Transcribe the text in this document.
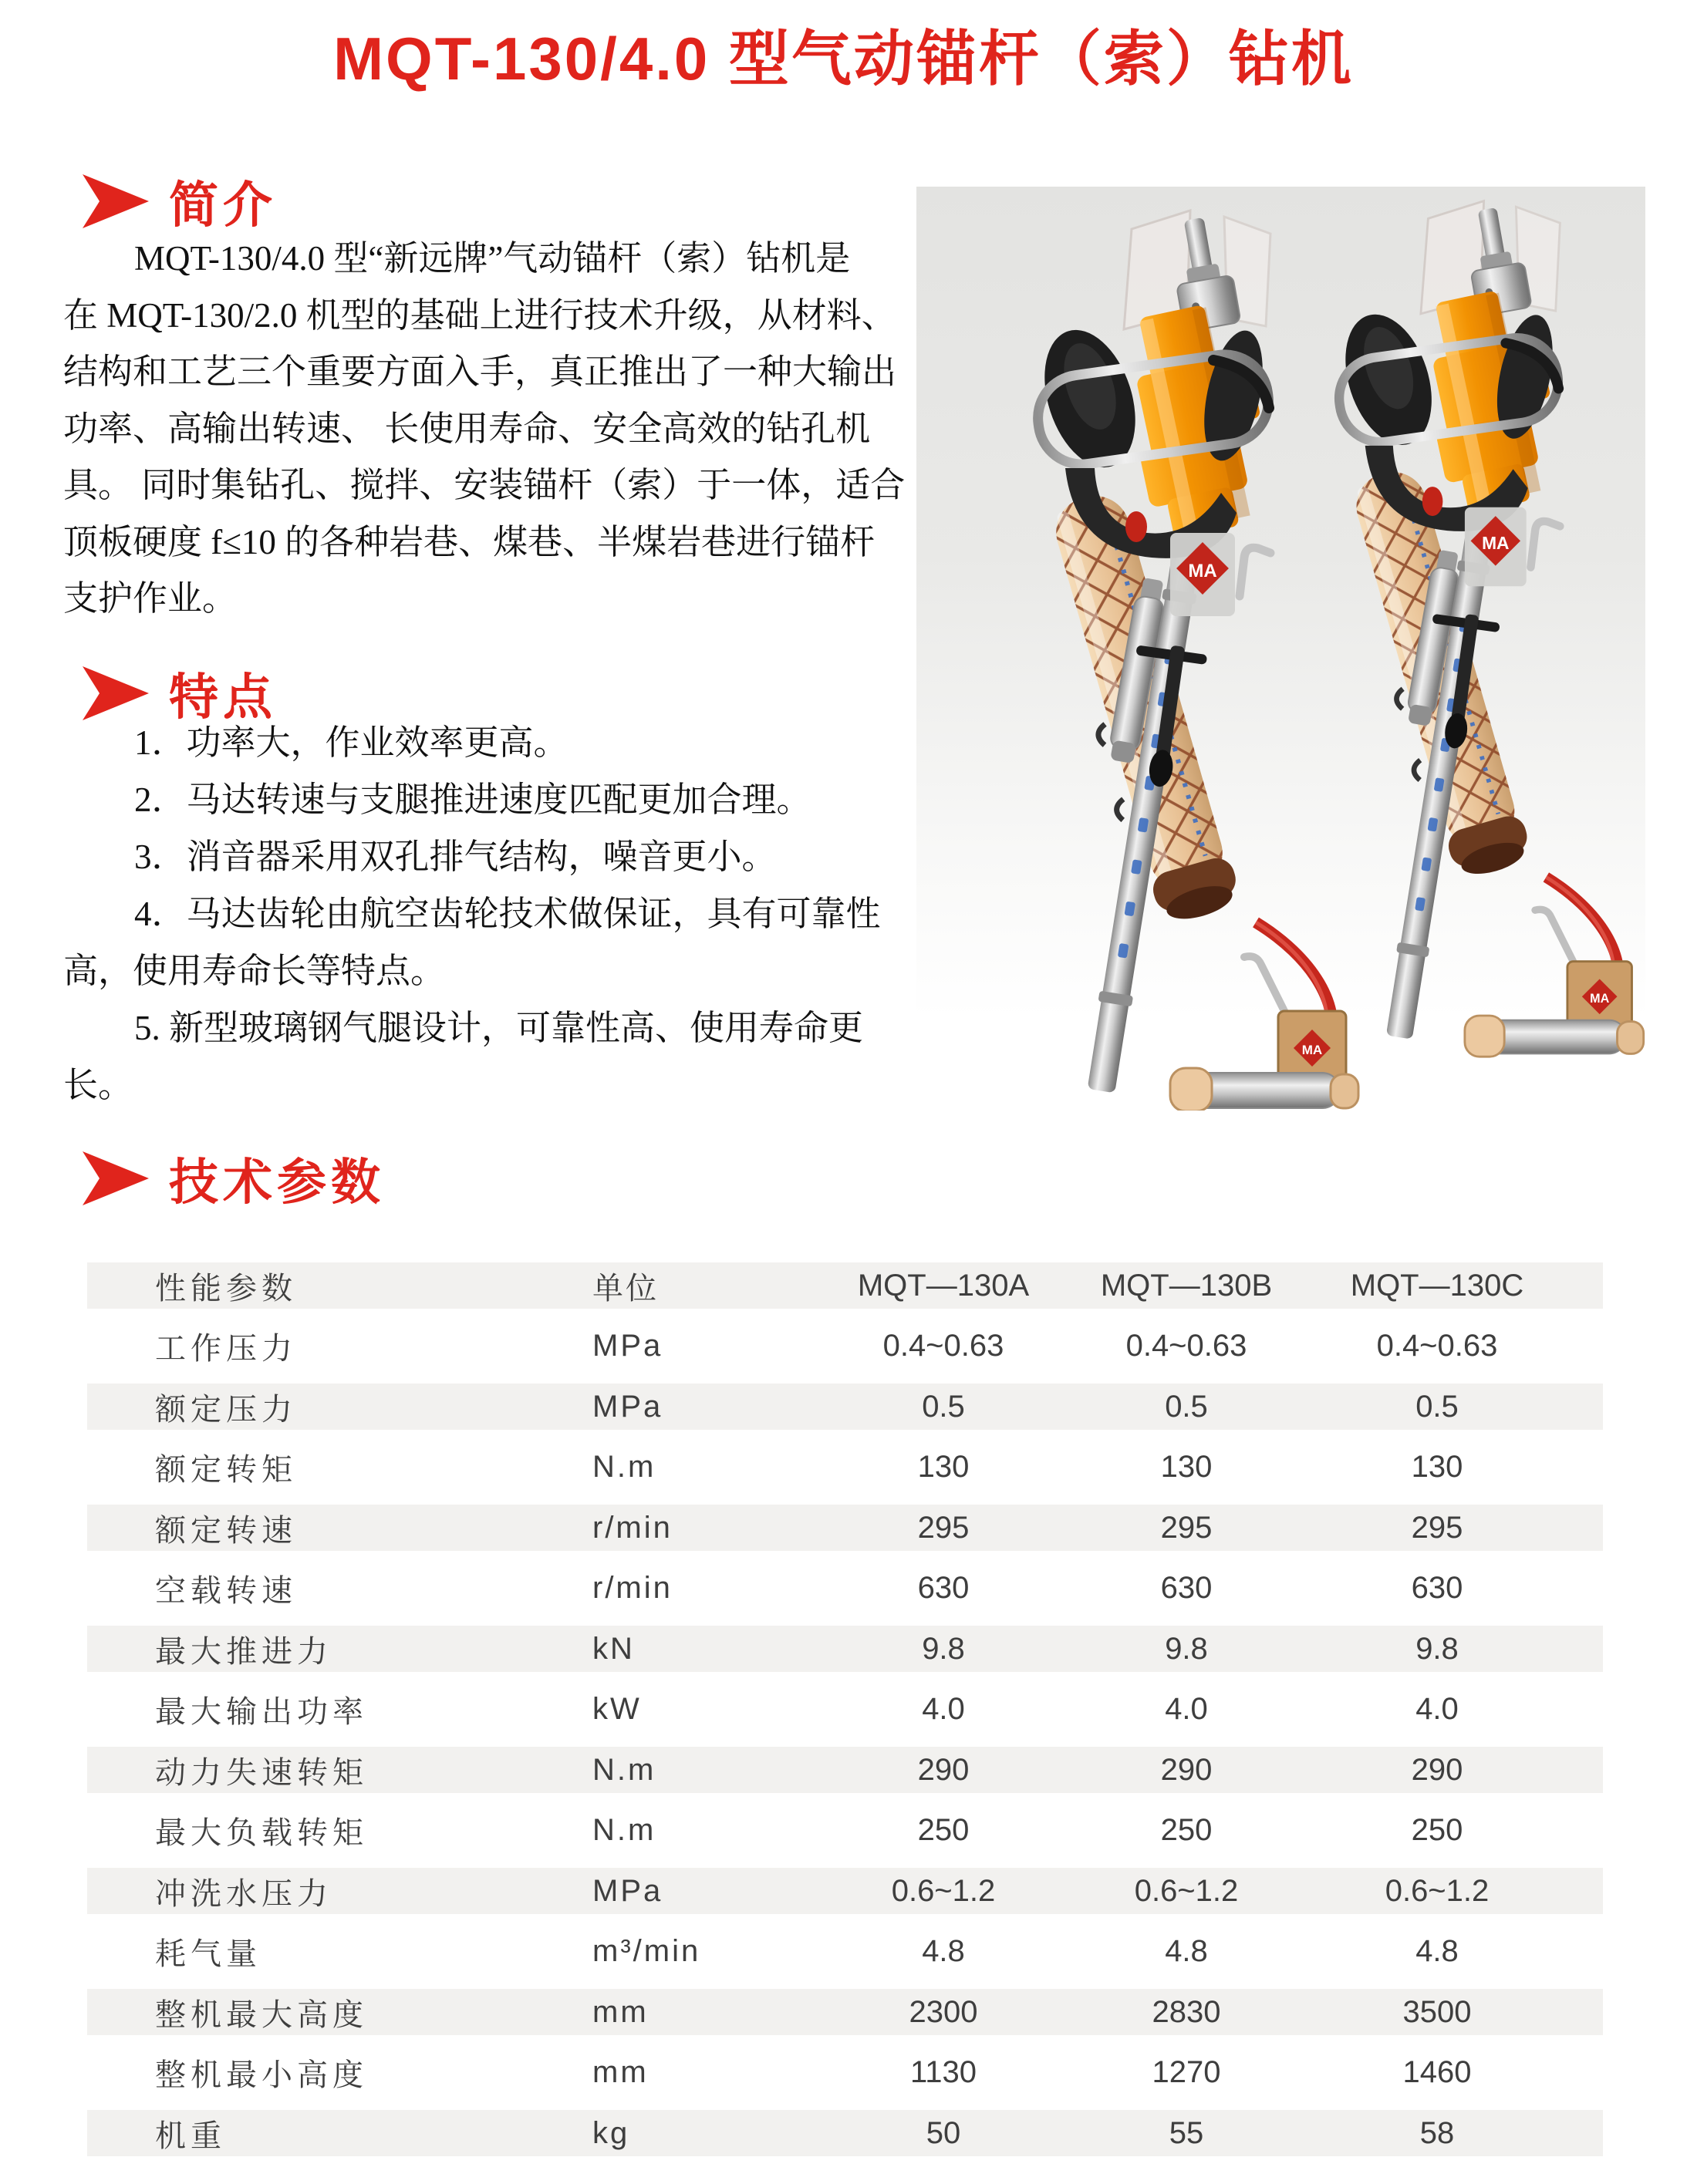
MQT-130/4.0 型气动锚杆（索）钻机
简介
MQT-130/4.0 型“新远牌”气动锚杆（索）钻机是
在 MQT-130/2.0 机型的基础上进行技术升级，从材料、
结构和工艺三个重要方面入手，真正推出了一种大输出
功率、高输出转速、 长使用寿命、安全高效的钻孔机
具。 同时集钻孔、搅拌、安装锚杆（索）于一体，适合
顶板硬度 f≤10 的各种岩巷、煤巷、半煤岩巷进行锚杆
支护作业。
特点
1．功率大，作业效率更高。
2．马达转速与支腿推进速度匹配更加合理。
3．消音器采用双孔排气结构，噪音更小。
4．马达齿轮由航空齿轮技术做保证，具有可靠性
高，使用寿命长等特点。
5. 新型玻璃钢气腿设计，可靠性高、使用寿命更
长。
技术参数
性能参数	单位	MQT—130A	MQT—130B	MQT—130C
工作压力	MPa	0.4~0.63	0.4~0.63	0.4~0.63
额定压力	MPa	0.5	0.5	0.5
额定转矩	N.m	130	130	130
额定转速	r/min	295	295	295
空载转速	r/min	630	630	630
最大推进力	kN	9.8	9.8	9.8
最大输出功率	kW	4.0	4.0	4.0
动力失速转矩	N.m	290	290	290
最大负载转矩	N.m	250	250	250
冲洗水压力	MPa	0.6~1.2	0.6~1.2	0.6~1.2
耗气量	m³/min	4.8	4.8	4.8
整机最大高度	mm	2300	2830	3500
整机最小高度	mm	1130	1270	1460
机重	kg	50	55	58
